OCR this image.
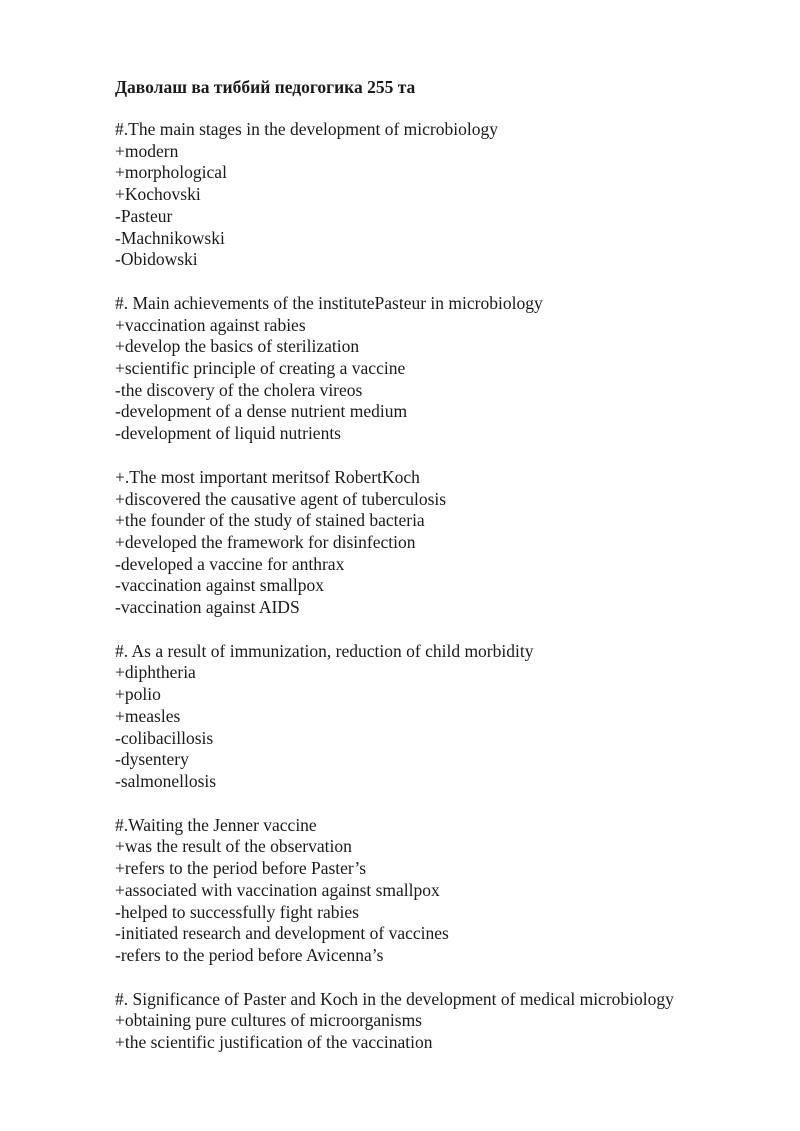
Даволаш ва тиббий педогогика 255 та

#.The main stages in the development of microbiology

+modern

+morphological

+Kochovski

-Pasteur

-Machnikowski

-Obidowski

#. Main achievements of the institutePasteur in microbiology

+vaccination against rabies

+develop the basics of sterilization

+scientific principle of creating a vaccine

-the discovery of the cholera vireos

-development of a dense nutrient medium

-development of liquid nutrients

+.The most important meritsof RobertKoch

+discovered the causative agent of tuberculosis

+the founder of the study of stained bacteria

+developed the framework for disinfection

-developed a vaccine for anthrax

-vaccination against smallpox

-vaccination against AIDS

#. As a result of immunization, reduction of child morbidity

+diphtheria

+polio

+measles

-colibacillosis

-dysentery

-salmonellosis

#.Waiting the Jenner vaccine

+was the result of the observation

+refers to the period before Paster’s

+associated with vaccination against smallpox

-helped to successfully fight rabies

-initiated research and development of vaccines

-refers to the period before Avicenna’s

#. Significance of Paster and Koch in the development of medical microbiology

+obtaining pure cultures of microorganisms

+the scientific justification of the vaccination
